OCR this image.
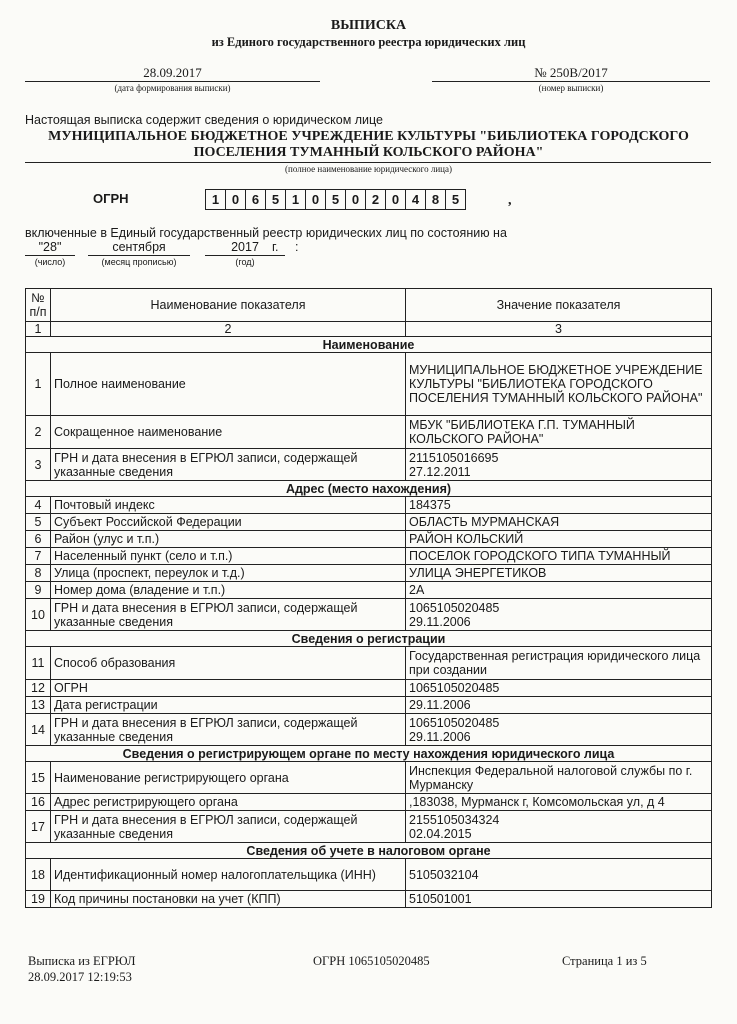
ВЫПИСКА
из Единого государственного реестра юридических лиц
28.09.2017
(дата формирования выписки)
№ 250В/2017
(номер выписки)
Настоящая выписка содержит сведения о юридическом лице
МУНИЦИПАЛЬНОЕ БЮДЖЕТНОЕ УЧРЕЖДЕНИЕ КУЛЬТУРЫ "БИБЛИОТЕКА ГОРОДСКОГО
ПОСЕЛЕНИЯ ТУМАННЫЙ КОЛЬСКОГО РАЙОНА"
(полное наименование юридического лица)
ОГРН	1 0 6 5 1 0 5 0 2 0 4 8 5	,
включенные в Единый государственный реестр юридических лиц по состоянию на
"28"
(число)
сентября
(месяц прописью)
2017
(год)
г. :
№ п/п	Наименование показателя	Значение показателя
1	2	3
Наименование		
1	Полное наименование	МУНИЦИПАЛЬНОЕ БЮДЖЕТНОЕ УЧРЕЖДЕНИЕ КУЛЬТУРЫ "БИБЛИОТЕКА ГОРОДСКОГО ПОСЕЛЕНИЯ ТУМАННЫЙ КОЛЬСКОГО РАЙОНА"
2	Сокращенное наименование	МБУК "БИБЛИОТЕКА Г.П. ТУМАННЫЙ КОЛЬСКОГО РАЙОНА"
3	ГРН и дата внесения в ЕГРЮЛ записи, содержащей указанные сведения	2115105016695
27.12.2011

Адрес (место нахождения)		
4	Почтовый индекс	184375
5	Субъект Российской Федерации	ОБЛАСТЬ МУРМАНСКАЯ
6	Район (улус и т.п.)	РАЙОН КОЛЬСКИЙ
7	Населенный пункт (село и т.п.)	ПОСЕЛОК ГОРОДСКОГО ТИПА ТУМАННЫЙ
8	Улица (проспект, переулок и т.д.)	УЛИЦА ЭНЕРГЕТИКОВ
9	Номер дома (владение и т.п.)	2А
10	ГРН и дата внесения в ЕГРЮЛ записи, содержащей указанные сведения	1065105020485
29.11.2006

Сведения о регистрации		
11	Способ образования	Государственная регистрация юридического лица при создании
12	ОГРН	1065105020485
13	Дата регистрации	29.11.2006
14	ГРН и дата внесения в ЕГРЮЛ записи, содержащей указанные сведения	1065105020485
29.11.2006

Сведения о регистрирующем органе по месту нахождения юридического лица		
15	Наименование регистрирующего органа	Инспекция Федеральной налоговой службы по г. Мурманску
16	Адрес регистрирующего органа	,183038, Мурманск г, Комсомольская ул, д 4
17	ГРН и дата внесения в ЕГРЮЛ записи, содержащей указанные сведения	2155105034324
02.04.2015

Сведения об учете в налоговом органе		
18	Идентификационный номер налогоплательщика (ИНН)	5105032104
19	Код причины постановки на учет (КПП)	510501001
Выписка из ЕГРЮЛ
28.09.2017 12:19:53
ОГРН 1065105020485	Страница 1 из 5
